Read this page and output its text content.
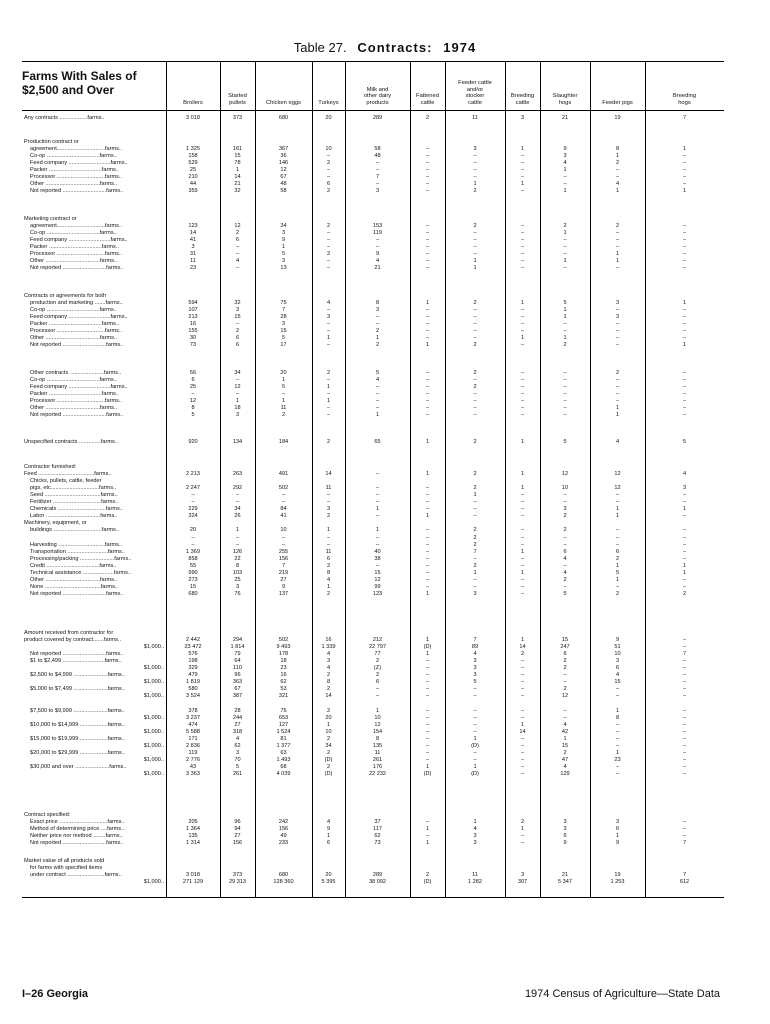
Table 27. Contracts: 1974
Farms With Sales of
$2,500 and Over
Broilers
Started
pullets	Chicken eggs	Turkeys
Milk and
other dairy
products
Fattened
cattle
Feeder cattle
and/or
stocker
cattle
Breeding
cattle
Slaughter
hogs	Feeder pigs
Breeding
hogs
Any contracts ..................farms..	3 018	373	680	20	289	2	11	3	21	19	7
Production contract or
agreement...............................farms..	1 325	161	367	10	58	–	3	1	9	8	1
Co-op ..................................farms..	158	15	36	–	48	–	–	–	3	1	–
Feed company ...........................farms..	529	78	146	2	–	–	–	–	4	2	–
Packer ..................................farms..	25	1	12	–	–	–	–	–	1	–	–
Processor ...............................farms..	210	14	67	–	7	–	–	–	–	–	–
Other ...................................farms..	44	21	48	6	–	–	1	1	–	4	–
Not reported ............................farms..	359	32	58	2	3	–	2	–	1	1	1
Marketing contract or
agreement...............................farms..	123	12	34	2	153	–	2	–	2	2	–
Co-op ..................................farms..	14	2	3	–	119	–	–	–	1	–	–
Feed company ...........................farms..	41	6	9	–	–	–	–	–	–	–	–
Packer ..................................farms..	3	–	1	–	–	–	–	–	–	–	–
Processor ...............................farms..	31	–	5	2	9	–	–	–	–	1	–
Other ...................................farms..	11	4	3	–	4	–	1	–	1	1	–
Not reported ............................farms..	23	–	13	–	21	–	1	–	–	–	–
Contracts or agreements for both
production and marketing .......farms..	594	32	75	4	8	1	2	1	5	3	1
Co-op ..................................farms..	107	3	7	–	3	–	–	–	1	–	–
Feed company ...........................farms..	213	15	28	3	–	–	–	–	1	3	–
Packer ..................................farms..	16	–	3	–	–	–	–	–	–	–	–
Processor ...............................farms..	155	2	15	–	2	–	–	–	–	–	–
Other ...................................farms..	30	6	5	1	1	–	–	1	1	–	–
Not reported ............................farms..	73	6	17	–	2	1	2	–	2	–	1
Other contracts ......................farms..	56	34	20	2	5	–	2	–	–	2	–
Co-op ..................................farms..	6	–	1	–	4	–	–	–	–	–	–
Feed company ...........................farms..	25	12	5	1	–	–	2	–	–	–	–
Packer ..................................farms..	–	–	–	–	–	–	–	–	–	–	–
Processor ...............................farms..	12	1	1	1	–	–	–	–	–	–	–
Other ...................................farms..	8	18	11	–	–	–	–	–	–	1	–
Not reported ............................farms..	5	3	2	–	1	–	–	–	–	1	–
Unspecified contracts ..............farms..	920	134	184	2	65	1	2	1	5	4	5
Contractor furnished:
Feed ....................................farms..	2 213	263	491	14	–	1	2	1	12	12	4
Chicks, pullets, cattle, feeder
pigs, etc...............................farms..	2 247	292	502	11	–	–	2	1	10	12	3
Seed ....................................farms..	–	–	–	–	–	–	1	–	–	–	–
Fertilizer ...............................farms..	–	–	–	–	–	–	–	–	–	–	–
Chemicals ...............................farms..	229	34	84	3	1	–	–	–	3	1	1
Labor ...................................farms..	324	26	41	2	–	1	–	–	2	1	–
Machinery, equipment, or
buildings ...............................farms..	20	1	10	1	1	–	2	–	2	–	–
–	–	–	–	–	–	2	–	–	–	–
Harvesting ..............................farms..	–	–	–	–	–	–	2	–	–	–	–
Transportation ..........................farms..	1 369	126	255	11	40	–	7	1	6	6	–
Processing/packing ......................farms..	858	22	156	6	38	–	–	–	4	2	–
Credit ..................................farms..	55	8	7	2	–	–	2	–	–	1	1
Technical assistance ....................farms..	990	103	219	8	15	–	1	1	4	5	1
Other ...................................farms..	273	25	27	4	12	–	–	–	2	1	–
None ....................................farms..	15	3	9	1	99	–	–	–	–	–	–
Not reported ............................farms..	680	76	137	2	123	1	3	–	5	2	2
Amount received from contractor for
product covered by contract.......farms..	2 442	294	502	16	212	1	7	1	15	9	–
$1,000..	23 472	1 814	9 493	1 339	22 797	(D)	89	14	247	51	–
Not reported ............................farms..	576	79	178	4	77	1	4	2	6	10	7
$1 to $2,499 ...........................farms..	198	64	18	3	2	–	3	–	2	3	–
$1,000..	329	110	23	4	(Z)	–	3	–	2	6	–
$2,500 to $4,999 ......................farms..	479	96	16	2	2	–	3	–	–	4	–
$1,000..	1 819	363	62	8	6	–	5	–	–	15	–
$5,000 to $7,499 ......................farms..	580	67	53	2	–	–	–	–	2	–	–
$1,000..	3 524	387	321	14	–	–	–	–	12	–	–
$7,500 to $9,999 ......................farms..	378	28	76	2	1	–	–	–	–	1	–
$1,000..	3 237	244	653	20	10	–	–	–	–	8	–
$10,000 to $14,999 ..................farms..	474	27	127	1	12	–	–	1	4	–	–
$1,000..	5 588	318	1 524	10	154	–	–	14	42	–	–
$15,000 to $19,999 ..................farms..	171	4	81	2	8	–	1	–	1	–	–
$1,000..	2 836	62	1 377	34	135	–	(D)	–	15	–	–
$20,000 to $29,999 ..................farms..	119	3	63	2	11	–	–	–	2	1	–
$1,000..	2 776	70	1 493	(D)	261	–	–	–	47	23	–
$30,000 and over ......................farms..	43	5	68	2	176	1	1	–	4	–	–
$1,000..	3 363	261	4 039	(D)	22 232	(D)	(D)	–	129	–	–
Contract specified:
Exact price ...............................farms..	205	96	242	4	37	–	1	2	3	3	–
Method of determining price ....farms..	1 364	94	156	9	117	1	4	1	3	6	–
Neither price nor method ........farms..	135	27	49	1	62	–	3	–	6	1	–
Not reported ............................farms..	1 314	156	233	6	73	1	3	–	9	9	7
Market value of all products sold
for farms with specified items
under contract ........................farms..	3 018	373	680	20	289	2	11	3	21	19	7
$1,000..	271 129	29 313	128 360	5 395	38 092	(D)	1 282	307	5 347	1 253	612
I–26 Georgia	1974 Census of Agriculture—State Data
